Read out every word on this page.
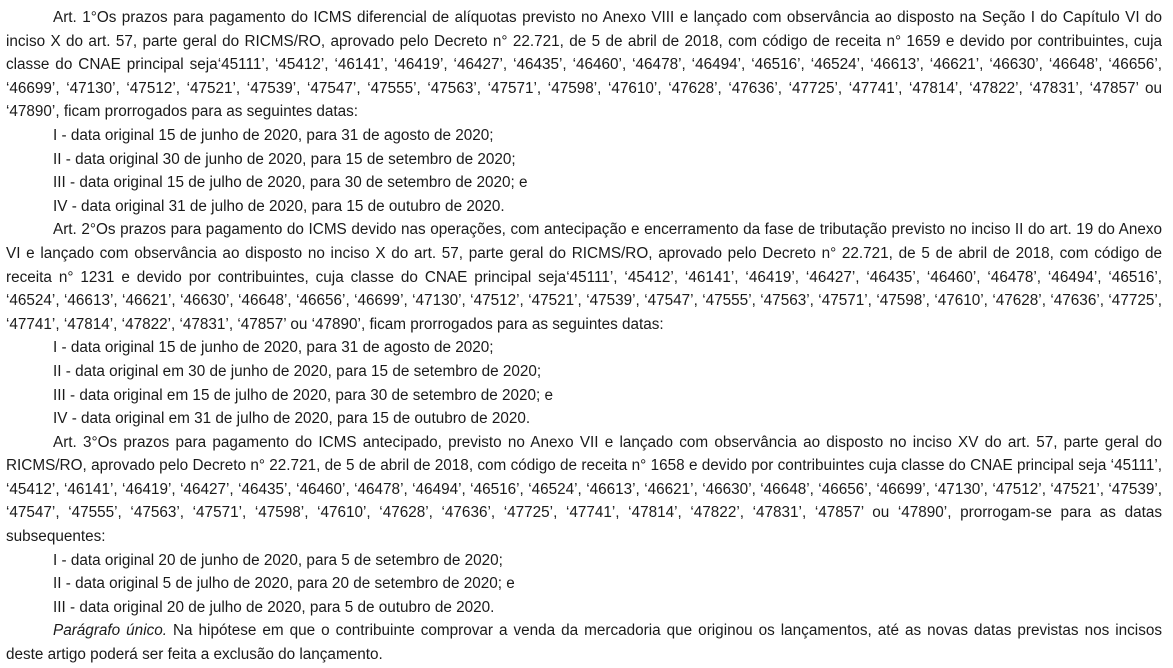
Art. 1°Os prazos para pagamento do ICMS diferencial de alíquotas previsto no Anexo VIII e lançado com observância ao disposto na Seção I do Capítulo VI do inciso X do art. 57, parte geral do RICMS/RO, aprovado pelo Decreto n° 22.721, de 5 de abril de 2018, com código de receita n° 1659 e devido por contribuintes, cuja classe do CNAE principal seja‘45111’, ‘45412’, ‘46141’, ‘46419’, ‘46427’, ‘46435’, ‘46460’, ‘46478’, ‘46494’, ‘46516’, ‘46524’, ‘46613’, ‘46621’, ‘46630’, ‘46648’, ‘46656’, ‘46699’, ‘47130’, ‘47512’, ‘47521’, ‘47539’, ‘47547’, ‘47555’, ‘47563’, ‘47571’, ‘47598’, ‘47610’, ‘47628’, ‘47636’, ‘47725’, ‘47741’, ‘47814’, ‘47822’, ‘47831’, ‘47857’ ou ‘47890’, ficam prorrogados para as seguintes datas:

I - data original 15 de junho de 2020, para 31 de agosto de 2020;

II - data original 30 de junho de 2020, para 15 de setembro de 2020;

III - data original 15 de julho de 2020, para 30 de setembro de 2020; e

IV - data original 31 de julho de 2020, para 15 de outubro de 2020.

Art. 2°Os prazos para pagamento do ICMS devido nas operações, com antecipação e encerramento da fase de tributação previsto no inciso II do art. 19 do Anexo VI e lançado com observância ao disposto no inciso X do art. 57, parte geral do RICMS/RO, aprovado pelo Decreto n° 22.721, de 5 de abril de 2018, com código de receita n° 1231 e devido por contribuintes, cuja classe do CNAE principal seja‘45111’, ‘45412’, ‘46141’, ‘46419’, ‘46427’, ‘46435’, ‘46460’, ‘46478’, ‘46494’, ‘46516’, ‘46524’, ‘46613’, ‘46621’, ‘46630’, ‘46648’, ‘46656’, ‘46699’, ‘47130’, ‘47512’, ‘47521’, ‘47539’, ‘47547’, ‘47555’, ‘47563’, ‘47571’, ‘47598’, ‘47610’, ‘47628’, ‘47636’, ‘47725’, ‘47741’, ‘47814’, ‘47822’, ‘47831’, ‘47857’ ou ‘47890’, ficam prorrogados para as seguintes datas:

I - data original 15 de junho de 2020, para 31 de agosto de 2020;

II - data original em 30 de junho de 2020, para 15 de setembro de 2020;

III - data original em 15 de julho de 2020, para 30 de setembro de 2020; e

IV - data original em 31 de julho de 2020, para 15 de outubro de 2020.

Art. 3°Os prazos para pagamento do ICMS antecipado, previsto no Anexo VII e lançado com observância ao disposto no inciso XV do art. 57, parte geral do RICMS/RO, aprovado pelo Decreto n° 22.721, de 5 de abril de 2018, com código de receita n° 1658 e devido por contribuintes cuja classe do CNAE principal seja ‘45111’, ‘45412’, ‘46141’, ‘46419’, ‘46427’, ‘46435’, ‘46460’, ‘46478’, ‘46494’, ‘46516’, ‘46524’, ‘46613’, ‘46621’, ‘46630’, ‘46648’, ‘46656’, ‘46699’, ‘47130’, ‘47512’, ‘47521’, ‘47539’, ‘47547’, ‘47555’, ‘47563’, ‘47571’, ‘47598’, ‘47610’, ‘47628’, ‘47636’, ‘47725’, ‘47741’, ‘47814’, ‘47822’, ‘47831’, ‘47857’ ou ‘47890’, prorrogam-se para as datas subsequentes:

I - data original 20 de junho de 2020, para 5 de setembro de 2020;

II - data original 5 de julho de 2020, para 20 de setembro de 2020; e

III - data original 20 de julho de 2020, para 5 de outubro de 2020.

Parágrafo único. Na hipótese em que o contribuinte comprovar a venda da mercadoria que originou os lançamentos, até as novas datas previstas nos incisos deste artigo poderá ser feita a exclusão do lançamento.
